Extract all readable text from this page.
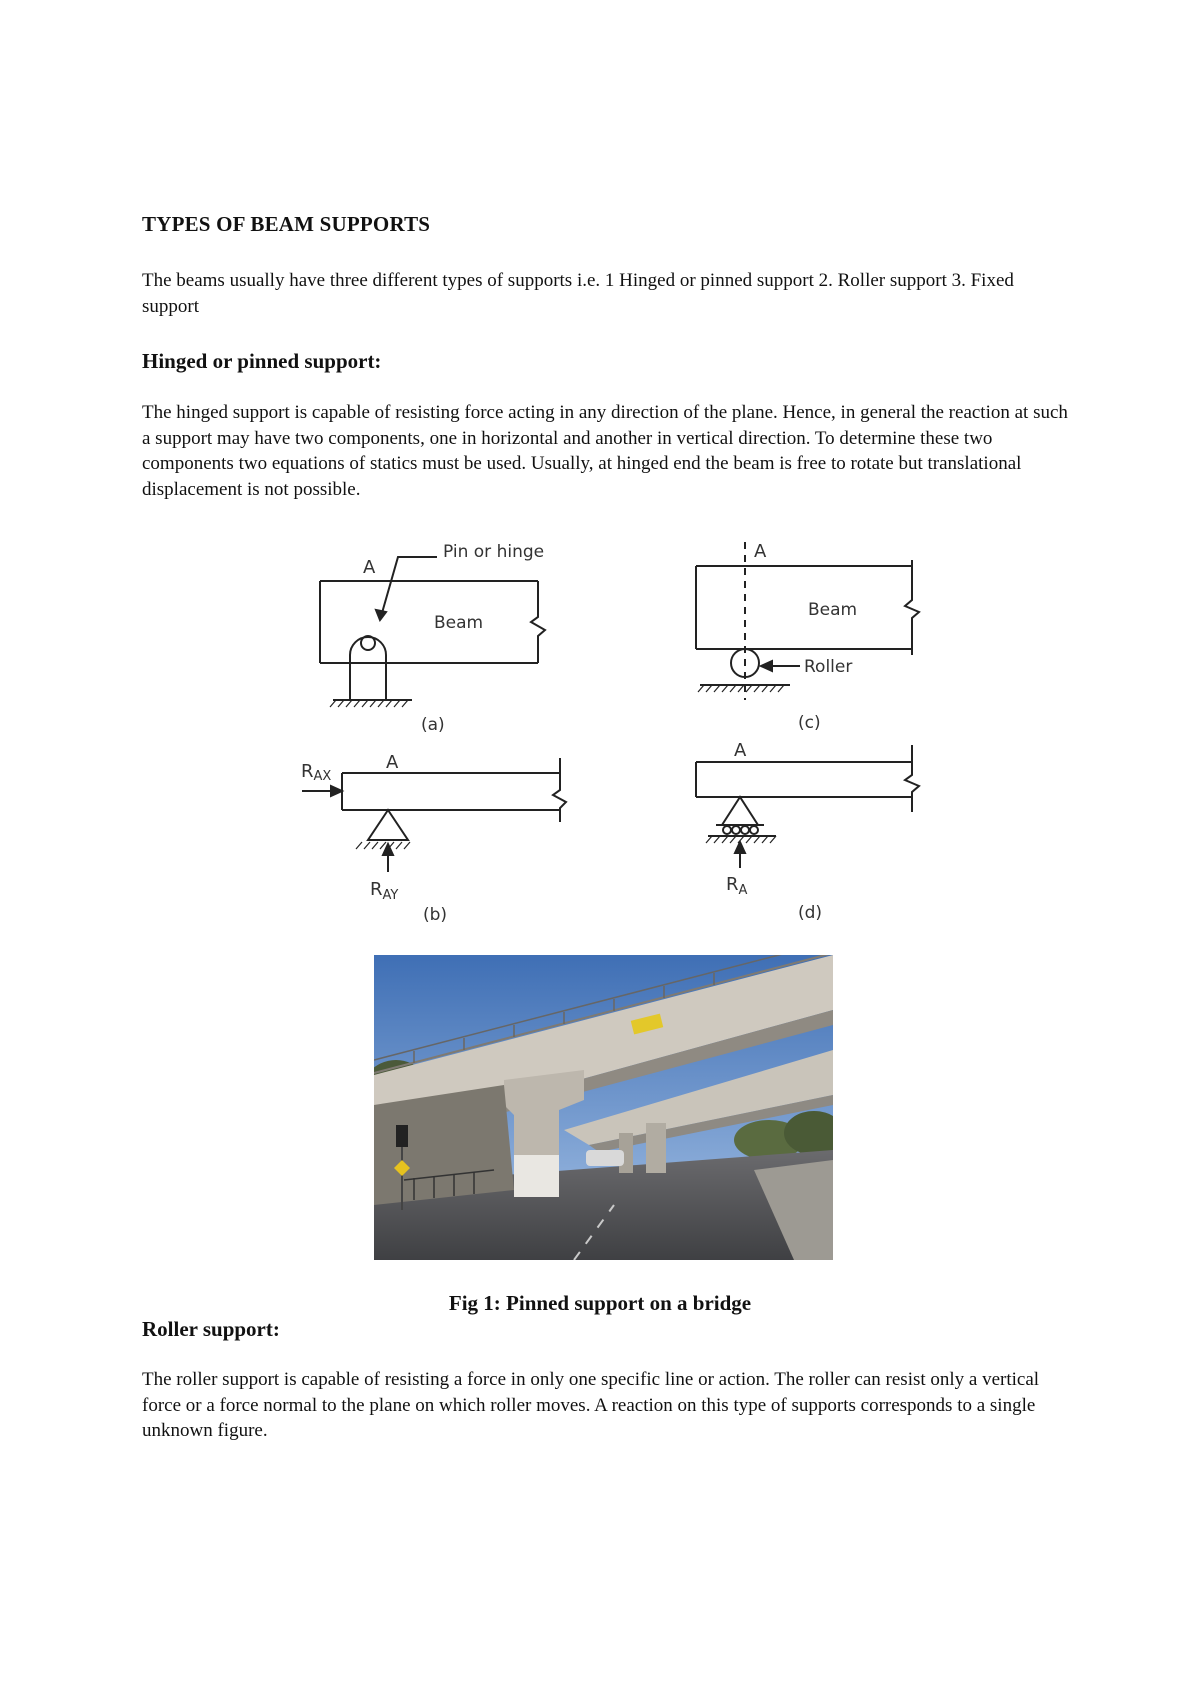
TYPES OF BEAM SUPPORTS

The beams usually have three different types of supports i.e. 1 Hinged or pinned support 2. Roller support 3. Fixed support

Hinged or pinned support:

The hinged support is capable of resisting force acting in any direction of the plane. Hence, in general the reaction at such a support may have two components, one in horizontal and another in vertical direction. To determine these two components two equations of statics must be used. Usually, at hinged end the beam is free to rotate but translational displacement is not possible.

A
Pin or hinge
Beam
(a)
A
RAX
$R_{AY}$
(b)
A
Beam
Roller
(c)
A
$R_A$
(d)
Fig 1: Pinned support on a bridge
Roller support:

The roller support is capable of resisting a force in only one specific line or action. The roller can resist only a vertical force or a force normal to the plane on which roller moves. A reaction on this type of supports corresponds to a single unknown figure.
